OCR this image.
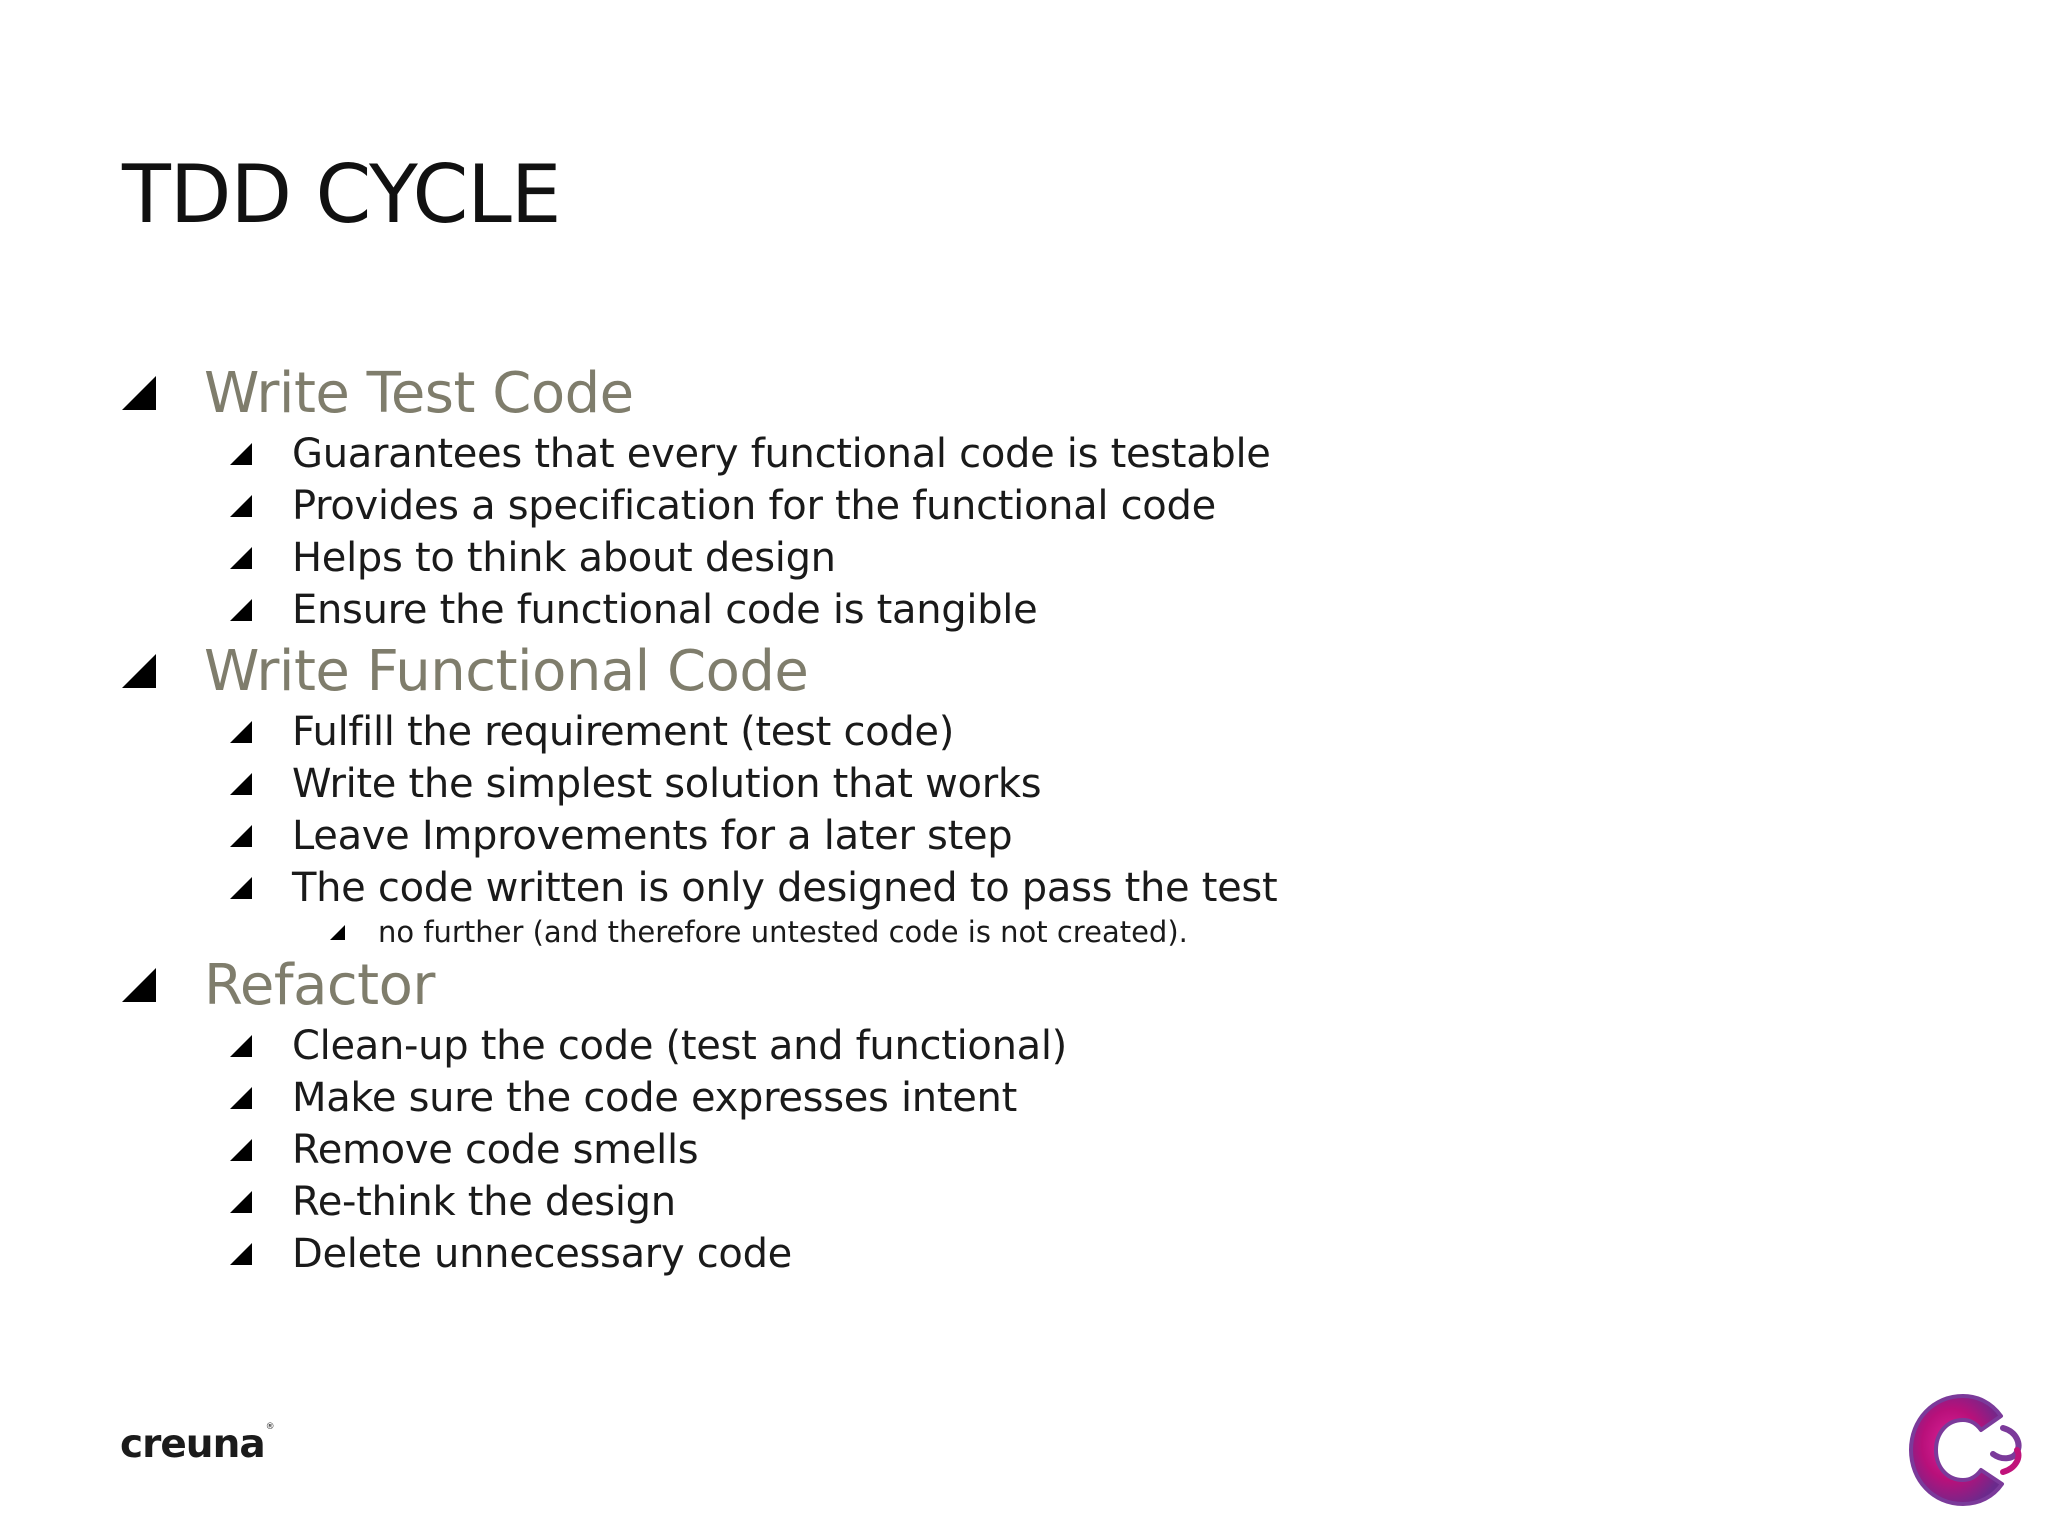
TDD CYCLE
Write Test Code
Guarantees that every functional code is testable
Provides a specification for the functional code
Helps to think about design
Ensure the functional code is tangible
Write Functional Code
Fulfill the requirement (test code)
Write the simplest solution that works
Leave Improvements for a later step
The code written is only designed to pass the test
no further (and therefore untested code is not created).
Refactor
Clean-up the code (test and functional)
Make sure the code expresses intent
Remove code smells
Re-think the design
Delete unnecessary code
creuna®
